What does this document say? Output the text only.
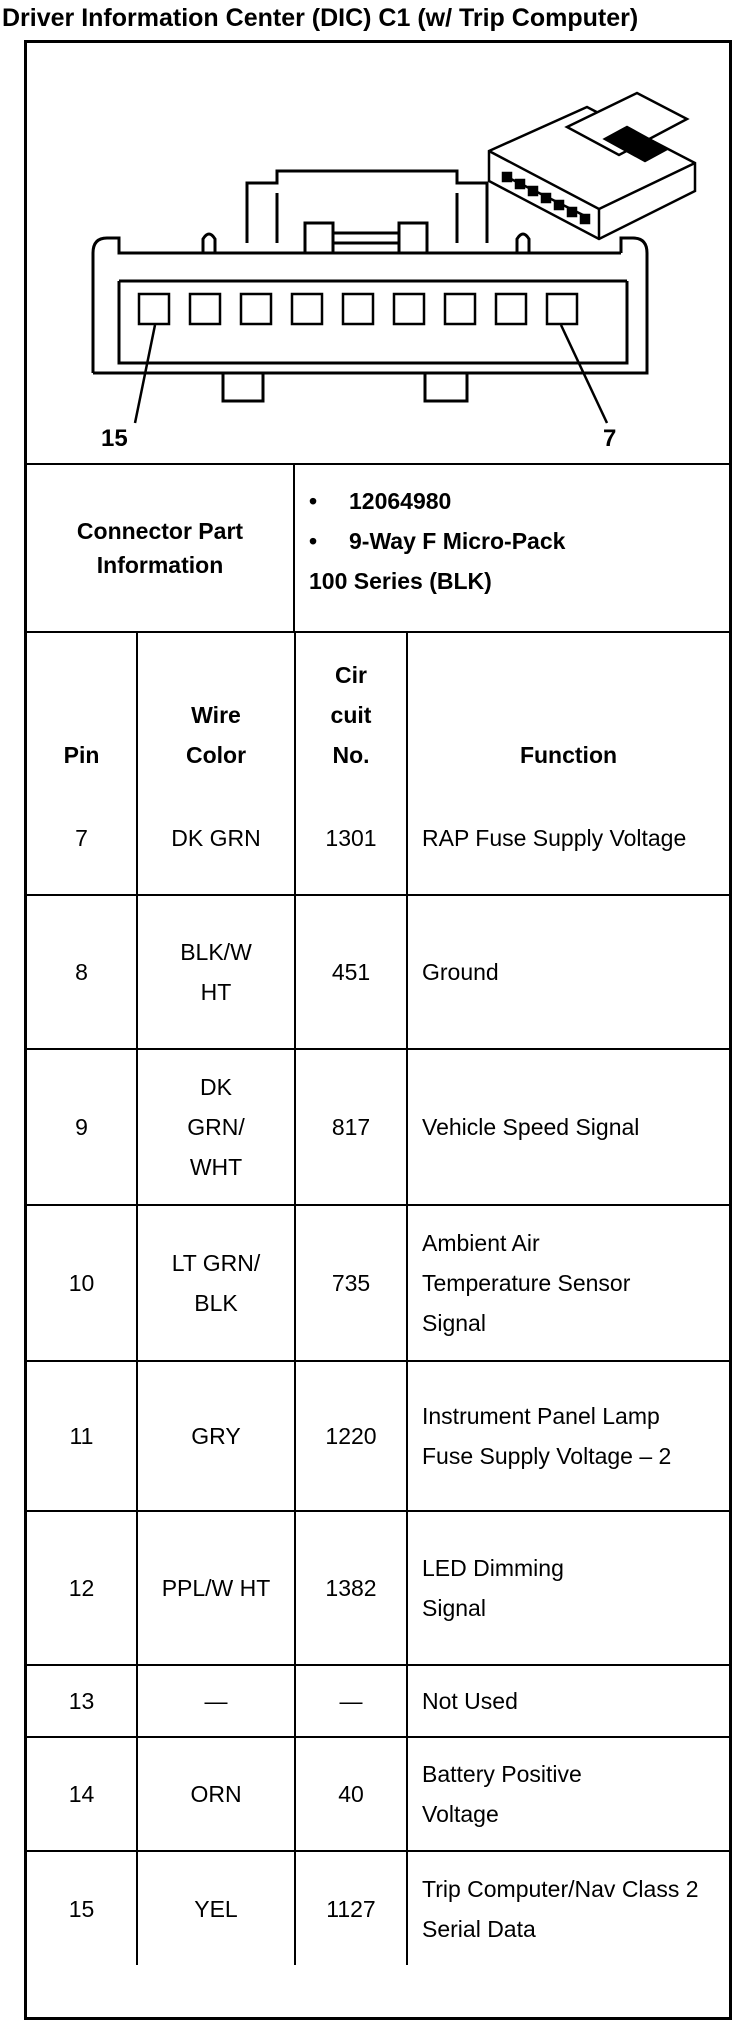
Driver Information Center (DIC) C1 (w/ Trip Computer)
15	7
Connector Part Information
• 12064980
• 9-Way F Micro-Pack
100 Series (BLK)
Pin	Wire Color	Cir cuit No.	Function
7	DK GRN	1301	RAP Fuse Supply Voltage
8	BLK/W HT	451	Ground
9	DK GRN/ WHT	817	Vehicle Speed Signal

10	LT GRN/ BLK	735	Ambient Air Temperature Sensor Signal

11	GRY	1220	Instrument Panel Lamp Fuse Supply Voltage – 2

12	PPL/W HT	1382	LED Dimming Signal

13	—	—	Not Used
14	ORN	40	Battery Positive Voltage

15	YEL	1127	Trip Computer/Nav Class 2 Serial Data
